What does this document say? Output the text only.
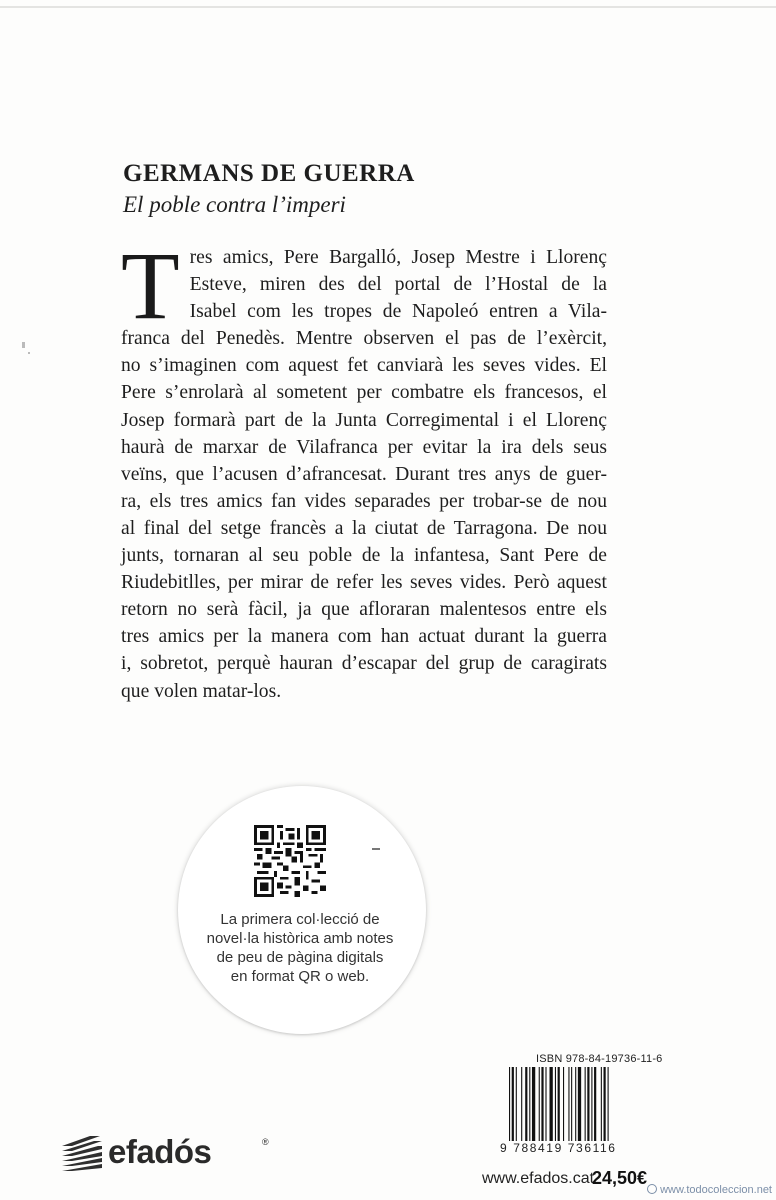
GERMANS DE GUERRA
El poble contra l’imperi
T res amics, Pere Bargalló, Josep Mestre i Llorenç
Esteve, miren des del portal de l’Hostal de la
Isabel com les tropes de Napoleó entren a Vila-
franca del Penedès. Mentre observen el pas de l’exèrcit,
no s’imaginen com aquest fet canviarà les seves vides. El
Pere s’enrolarà al sometent per combatre els francesos, el
Josep formarà part de la Junta Corregimental i el Llorenç
haurà de marxar de Vilafranca per evitar la ira dels seus
veïns, que l’acusen d’afrancesat. Durant tres anys de guer-
ra, els tres amics fan vides separades per trobar-se de nou
al final del setge francès a la ciutat de Tarragona. De nou
junts, tornaran al seu poble de la infantesa, Sant Pere de
Riudebitlles, per mirar de refer les seves vides. Però aquest
retorn no serà fàcil, ja que afloraran malentesos entre els
tres amics per la manera com han actuat durant la guerra
i, sobretot, perquè hauran d’escapar del grup de caragirats
que volen matar-los.
La primera col·lecció de
novel·la històrica amb notes
de peu de pàgina digitals
en format QR o web.
ISBN 978-84-19736-11-6
9 788419 736116
efadós	®
www.efados.cat
24,50€
www.todocoleccion.net
